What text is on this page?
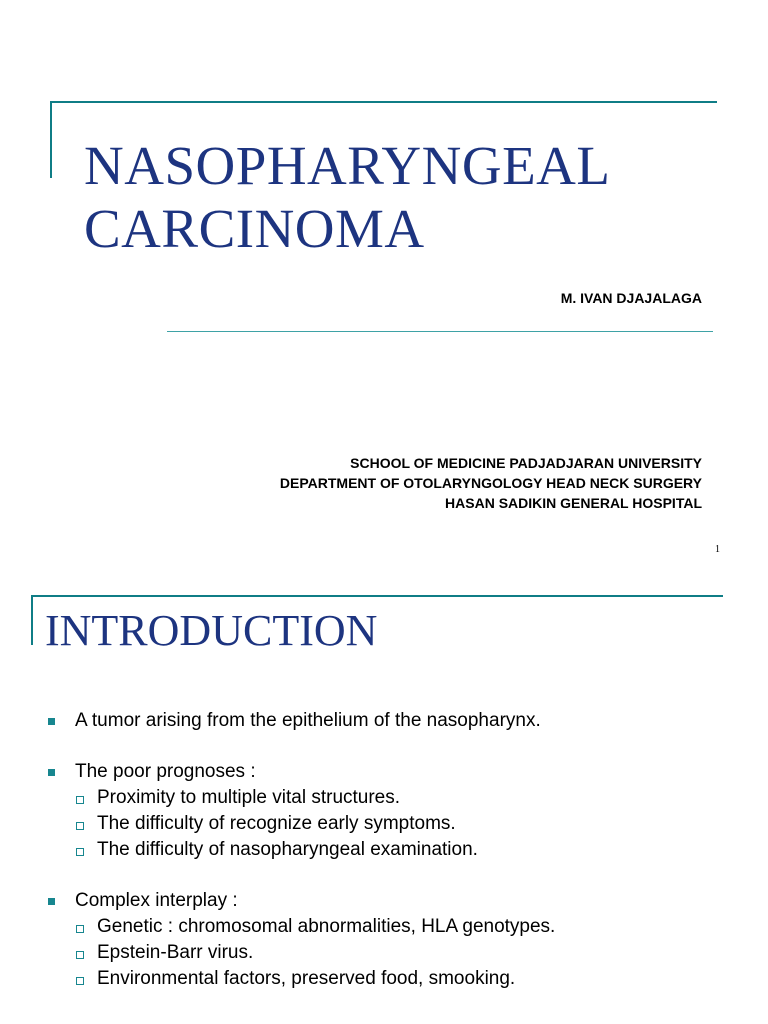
NASOPHARYNGEAL
CARCINOMA
M. IVAN DJAJALAGA
SCHOOL OF MEDICINE PADJADJARAN UNIVERSITY
DEPARTMENT OF OTOLARYNGOLOGY HEAD NECK SURGERY
HASAN SADIKIN GENERAL HOSPITAL
1
INTRODUCTION
A tumor arising from the epithelium of the nasopharynx.
The poor prognoses :
Proximity to multiple vital structures.
The difficulty of recognize early symptoms.
The difficulty of nasopharyngeal examination.
Complex interplay :
Genetic : chromosomal abnormalities, HLA genotypes.
Epstein-Barr virus.
Environmental factors, preserved food, smooking.
